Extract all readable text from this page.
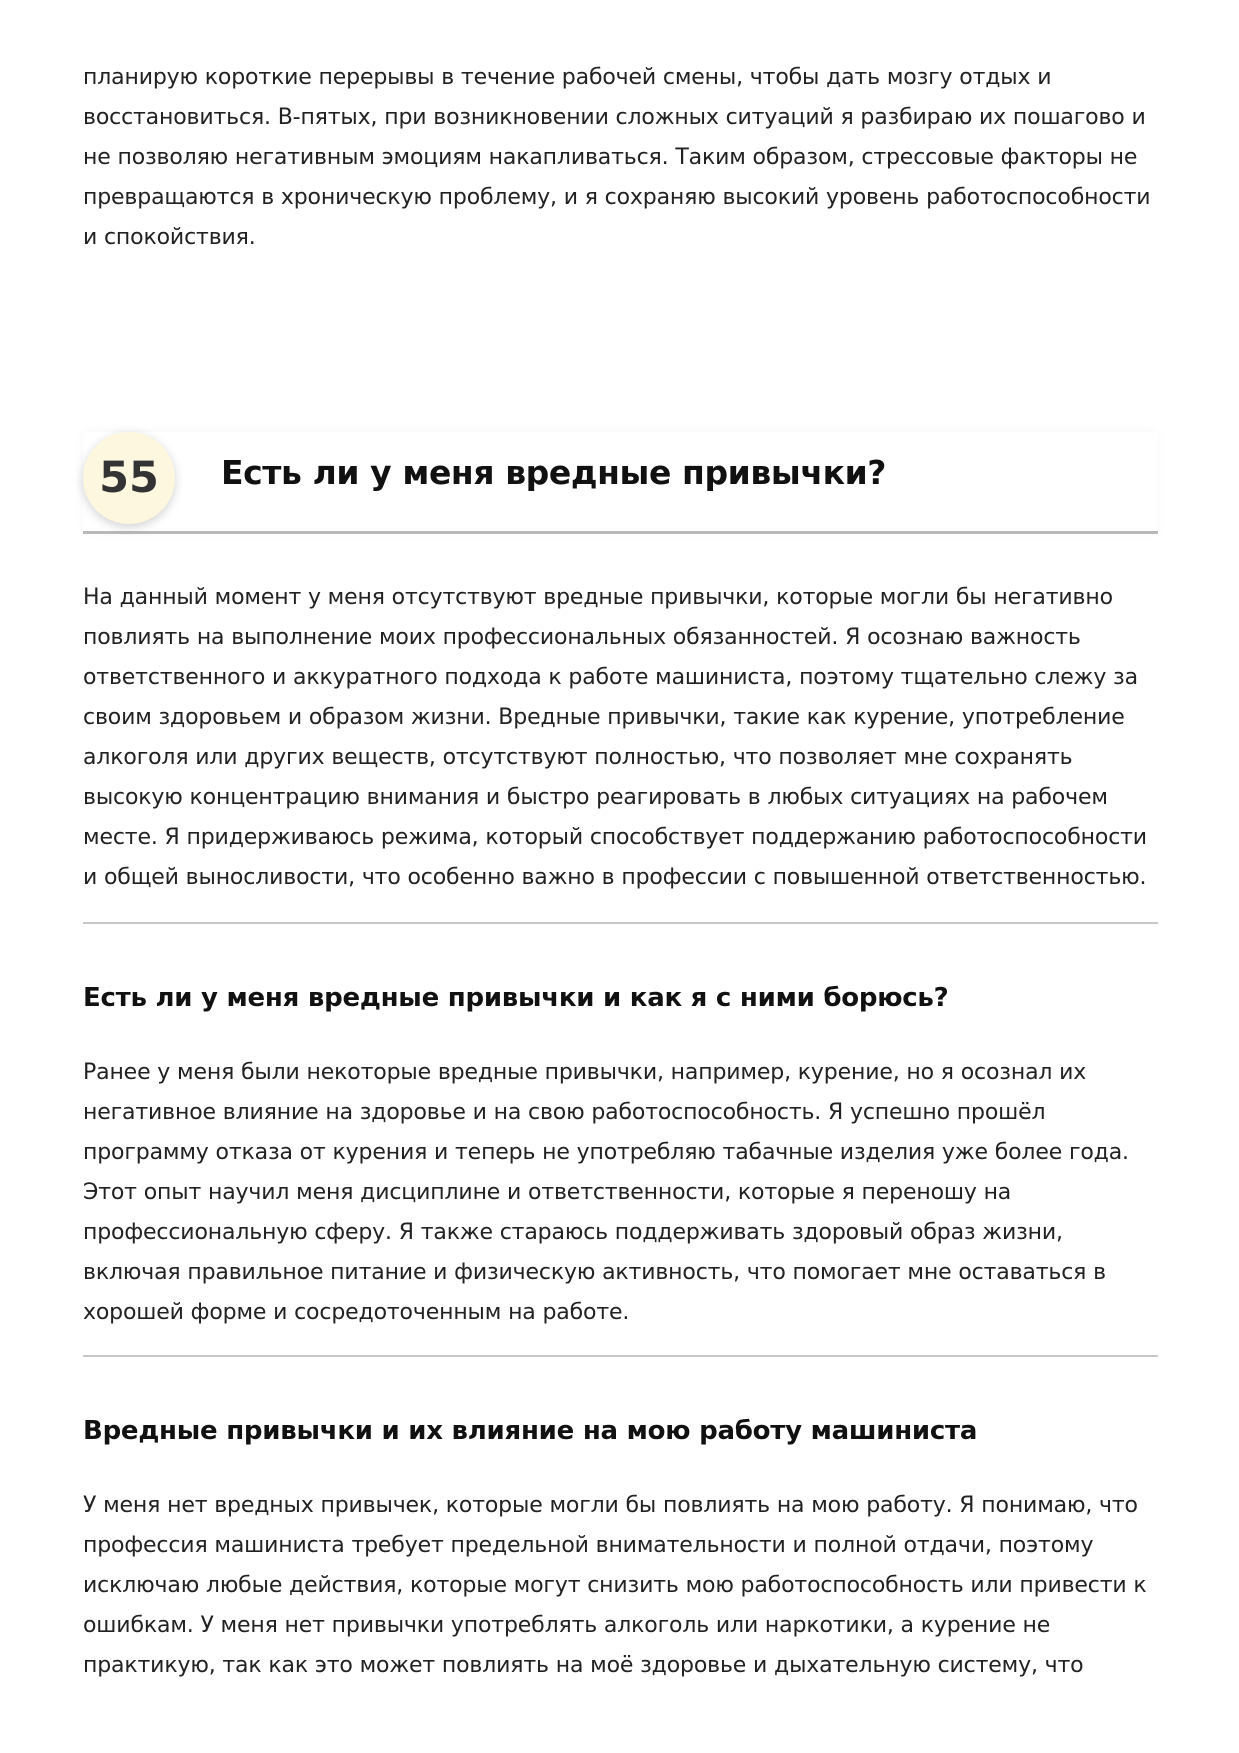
планирую короткие перерывы в течение рабочей смены, чтобы дать мозгу отдых и восстановиться. В-пятых, при возникновении сложных ситуаций я разбираю их пошагово и не позволяю негативным эмоциям накапливаться. Таким образом, стрессовые факторы не превращаются в хроническую проблему, и я сохраняю высокий уровень работоспособности и спокойствия.

55	Есть ли у меня вредные привычки?

На данный момент у меня отсутствуют вредные привычки, которые могли бы негативно повлиять на выполнение моих профессиональных обязанностей. Я осознаю важность ответственного и аккуратного подхода к работе машиниста, поэтому тщательно слежу за своим здоровьем и образом жизни. Вредные привычки, такие как курение, употребление алкоголя или других веществ, отсутствуют полностью, что позволяет мне сохранять высокую концентрацию внимания и быстро реагировать в любых ситуациях на рабочем месте. Я придерживаюсь режима, который способствует поддержанию работоспособности и общей выносливости, что особенно важно в профессии с повышенной ответственностью.

Есть ли у меня вредные привычки и как я с ними борюсь?

Ранее у меня были некоторые вредные привычки, например, курение, но я осознал их негативное влияние на здоровье и на свою работоспособность. Я успешно прошёл программу отказа от курения и теперь не употребляю табачные изделия уже более года. Этот опыт научил меня дисциплине и ответственности, которые я переношу на профессиональную сферу. Я также стараюсь поддерживать здоровый образ жизни, включая правильное питание и физическую активность, что помогает мне оставаться в хорошей форме и сосредоточенным на работе.

Вредные привычки и их влияние на мою работу машиниста

У меня нет вредных привычек, которые могли бы повлиять на мою работу. Я понимаю, что профессия машиниста требует предельной внимательности и полной отдачи, поэтому исключаю любые действия, которые могут снизить мою работоспособность или привести к ошибкам. У меня нет привычки употреблять алкоголь или наркотики, а курение не практикую, так как это может повлиять на моё здоровье и дыхательную систему, что
